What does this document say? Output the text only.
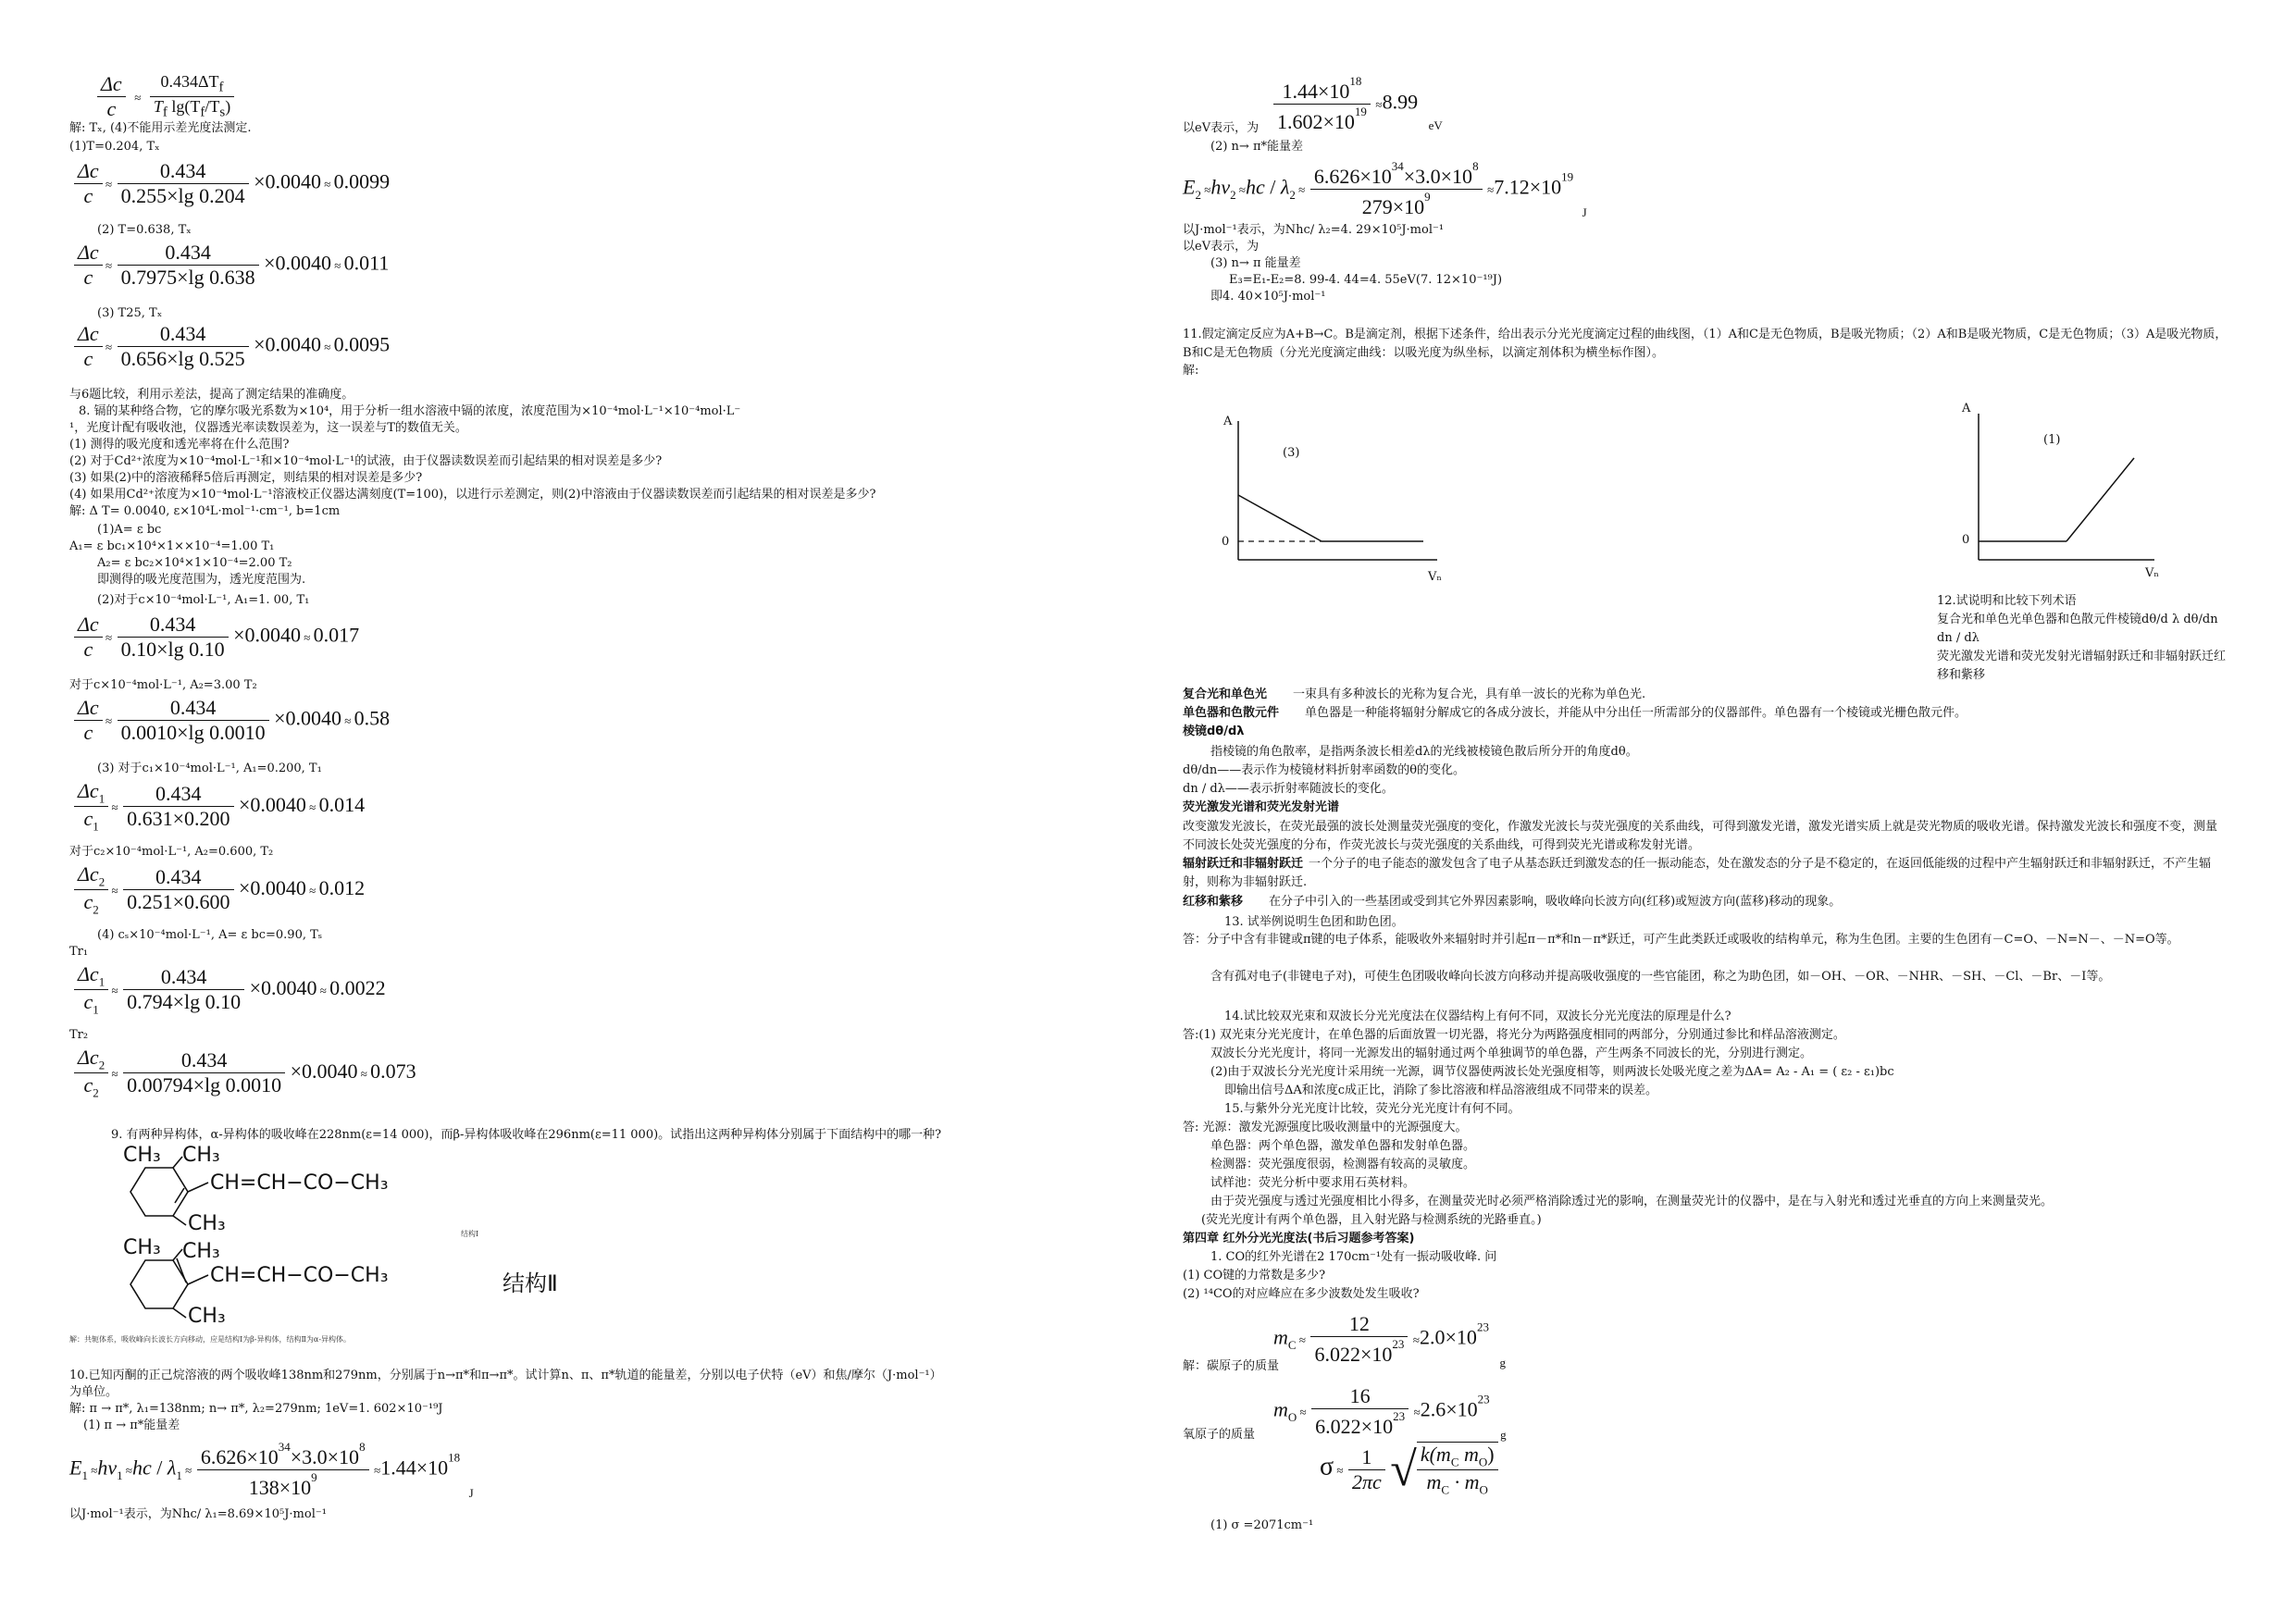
$\frac{\Delta c}{c} \approx \frac{0.434\Delta T_f}{T_f \lg(T_f/T_s)}$
解: Tₓ, (4)不能用示差光度法测定.
(1)T=0.204, Tₓ
$\frac{\Delta c}{c} \approx \frac{0.434}{0.255\times\lg 0.204} \times 0.0040 \approx 0.0099$
(2) T=0.638, Tₓ
$\frac{\Delta c}{c} \approx \frac{0.434}{0.7975\times\lg 0.638} \times 0.0040 \approx 0.011$
(3) T25, Tₓ
$\frac{\Delta c}{c} \approx \frac{0.434}{0.656\times\lg 0.525} \times 0.0040 \approx 0.0095$
与6题比较，利用示差法，提高了测定结果的准确度。
8. 镉的某种络合物，它的摩尔吸光系数为×10⁴，用于分析一组水溶液中镉的浓度，浓度范围为×10⁻⁴mol·L⁻¹×10⁻⁴mol·L⁻
¹，光度计配有吸收池，仪器透光率读数误差为，这一误差与T的数值无关。
(1) 测得的吸光度和透光率将在什么范围?
(2) 对于Cd²⁺浓度为×10⁻⁴mol·L⁻¹和×10⁻⁴mol·L⁻¹的试液，由于仪器读数误差而引起结果的相对误差是多少?
(3) 如果(2)中的溶液稀释5倍后再测定，则结果的相对误差是多少?
(4) 如果用Cd²⁺浓度为×10⁻⁴mol·L⁻¹溶液校正仪器达满刻度(T=100)，以进行示差测定，则(2)中溶液由于仪器读数误差而引起结果的相对误差是多少?
解: Δ T= 0.0040, ε×10⁴L·mol⁻¹·cm⁻¹, b=1cm
(1)A= ε bc
A₁= ε bc₁×10⁴×1××10⁻⁴=1.00 T₁
A₂= ε bc₂×10⁴×1×10⁻⁴=2.00 T₂
即测得的吸光度范围为，透光度范围为.
(2)对于c×10⁻⁴mol·L⁻¹, A₁=1. 00, T₁
$\frac{\Delta c}{c} \approx \frac{0.434}{0.10\times\lg 0.10} \times 0.0040 \approx 0.017$
对于c×10⁻⁴mol·L⁻¹, A₂=3.00 T₂
$\frac{\Delta c}{c} \approx \frac{0.434}{0.0010\times\lg 0.0010} \times 0.0040 \approx 0.58$
(3) 对于c₁×10⁻⁴mol·L⁻¹, A₁=0.200, T₁
$\frac{\Delta c_1}{c_1} \approx \frac{0.434}{0.631\times 0.200} \times 0.0040 \approx 0.014$
对于c₂×10⁻⁴mol·L⁻¹, A₂=0.600, T₂
$\frac{\Delta c_2}{c_2} \approx \frac{0.434}{0.251\times 0.600} \times 0.0040 \approx 0.012$
(4) cₛ×10⁻⁴mol·L⁻¹, A= ε bc=0.90, Tₛ
Tr₁
$\frac{\Delta c_1}{c_1} \approx \frac{0.434}{0.794\times\lg 0.10} \times 0.0040 \approx 0.0022$
Tr₂
$\frac{\Delta c_2}{c_2} \approx \frac{0.434}{0.00794\times\lg 0.0010} \times 0.0040 \approx 0.073$
9. 有两种异构体，α-异构体的吸收峰在228nm(ε=14 000)，而β-异构体吸收峰在296nm(ε=11 000)。试指出这两种异构体分别属于下面结构中的哪一种?
CH₃ CH₃
CH=CH−CO−CH₃
CH₃	结构Ⅰ
CH₃ CH₃
CH=CH−CO−CH₃
CH₃
结构Ⅱ
解：共轭体系，吸收峰向长波长方向移动，应是结构Ⅰ为β-异构体，结构Ⅱ为α-异构体。
10.已知丙酮的正己烷溶液的两个吸收峰138nm和279nm，分别属于n→π*和π→π*。试计算n、π、π*轨道的能量差，分别以电子伏特（eV）和焦/摩尔（J·mol⁻¹）
为单位。
解: π → π*, λ₁=138nm; n→ π*, λ₂=279nm; 1eV=1. 602×10⁻¹⁹J
(1) π → π*能量差
$E_1 \approx h\nu_1 \approx hc / \lambda_1 \approx \frac{6.626\times 10^{34}\times 3.0\times 10^8}{138\times 10^9} \approx 1.44\times 10^{18}$ $_J$
以J·mol⁻¹表示，为Nhc/ λ₁=8.69×10⁵J·mol⁻¹
$\frac{1.44\times 10^{18}}{1.602\times 10^{19}} \approx 8.99$ $_{eV}$
以eV表示，为
(2) n→ π*能量差
$E_2 \approx h\nu_2 \approx hc / \lambda_2 \approx \frac{6.626\times 10^{34}\times 3.0\times 10^8}{279\times 10^9} \approx 7.12\times 10^{19}$ $_J$
以J·mol⁻¹表示，为Nhc/ λ₂=4. 29×10⁵J·mol⁻¹
以eV表示，为
(3) n→ π 能量差
E₃=E₁-E₂=8. 99-4. 44=4. 55eV(7. 12×10⁻¹⁹J)
即4. 40×10⁵J·mol⁻¹
11.假定滴定反应为A+B→C。B是滴定剂，根据下述条件，给出表示分光光度滴定过程的曲线图，（1）A和C是无色物质，B是吸光物质；（2）A和B是吸光物质，C是无色物质；（3）A是吸光物质，B和C是无色物质（分光光度滴定曲线：以吸光度为纵坐标，以滴定剂体积为横坐标作图）。
解:
A
(3)
0
Vₙ
A
(1)
0
Vₙ
12.试说明和比较下列术语
复合光和单色光单色器和色散元件棱镜dθ/d λ dθ/dn dn / dλ
荧光激发光谱和荧光发射光谱辐射跃迁和非辐射跃迁红移和紫移
复合光和单色光 一束具有多种波长的光称为复合光，具有单一波长的光称为单色光.
单色器和色散元件 单色器是一种能将辐射分解成它的各成分波长，并能从中分出任一所需部分的仪器部件。单色器有一个棱镜或光栅色散元件。
棱镜dθ/dλ
指棱镜的角色散率，是指两条波长相差dλ的光线被棱镜色散后所分开的角度dθ。
dθ/dn——表示作为棱镜材料折射率函数的θ的变化。
dn / dλ——表示折射率随波长的变化。
荧光激发光谱和荧光发射光谱
改变激发光波长，在荧光最强的波长处测量荧光强度的变化，作激发光波长与荧光强度的关系曲线，可得到激发光谱，激发光谱实质上就是荧光物质的吸收光谱。保持激发光波长和强度不变，测量不同波长处荧光强度的分布，作荧光波长与荧光强度的关系曲线，可得到荧光光谱或称发射光谱。
辐射跃迁和非辐射跃迁 一个分子的电子能态的激发包含了电子从基态跃迁到激发态的任一振动能态，处在激发态的分子是不稳定的，在返回低能级的过程中产生辐射跃迁和非辐射跃迁，不产生辐射，则称为非辐射跃迁.
红移和紫移 在分子中引入的一些基团或受到其它外界因素影响，吸收峰向长波方向(红移)或短波方向(蓝移)移动的现象。
13. 试举例说明生色团和助色团。
答：分子中含有非键或π键的电子体系，能吸收外来辐射时并引起π－π*和n－π*跃迁，可产生此类跃迁或吸收的结构单元，称为生色团。主要的生色团有－C=O、－N=N－、－N=O等。
含有孤对电子(非键电子对)，可使生色团吸收峰向长波方向移动并提高吸收强度的一些官能团，称之为助色团，如－OH、－OR、－NHR、－SH、－Cl、－Br、－I等。
14.试比较双光束和双波长分光光度法在仪器结构上有何不同，双波长分光光度法的原理是什么?
答:(1) 双光束分光光度计，在单色器的后面放置一切光器，将光分为两路强度相同的两部分，分别通过参比和样品溶液测定。
双波长分光光度计，将同一光源发出的辐射通过两个单独调节的单色器，产生两条不同波长的光，分别进行测定。
(2)由于双波长分光光度计采用统一光源，调节仪器使两波长处光强度相等，则两波长处吸光度之差为ΔA= A₂ - A₁ = ( ε₂ - ε₁)bc
即输出信号ΔA和浓度c成正比，消除了参比溶液和样品溶液组成不同带来的误差。
15.与紫外分光光度计比较，荧光分光光度计有何不同。
答: 光源：激发光源强度比吸收测量中的光源强度大。
单色器：两个单色器，激发单色器和发射单色器。
检测器：荧光强度很弱，检测器有较高的灵敏度。
试样池：荧光分析中要求用石英材料。
由于荧光强度与透过光强度相比小得多，在测量荧光时必须严格消除透过光的影响，在测量荧光计的仪器中，是在与入射光和透过光垂直的方向上来测量荧光。
(荧光光度计有两个单色器，且入射光路与检测系统的光路垂直。)
第四章 红外分光光度法(书后习题参考答案)
1. CO的红外光谱在2 170cm⁻¹处有一振动吸收峰. 问
(1) CO键的力常数是多少?
(2) ¹⁴CO的对应峰应在多少波数处发生吸收?
解：碳原子的质量
$m_C \approx \frac{12}{6.022\times 10^{23}} \approx 2.0\times 10^{23}$ $_g$
氧原子的质量
$m_O \approx \frac{16}{6.022\times 10^{23}} \approx 2.6\times 10^{23}$ $_g$
$\sigma \approx \frac{1}{2\pi c}$ √ $\frac{k(m_C m_O)}{m_C \cdot m_O}$
(1) σ =2071cm⁻¹
